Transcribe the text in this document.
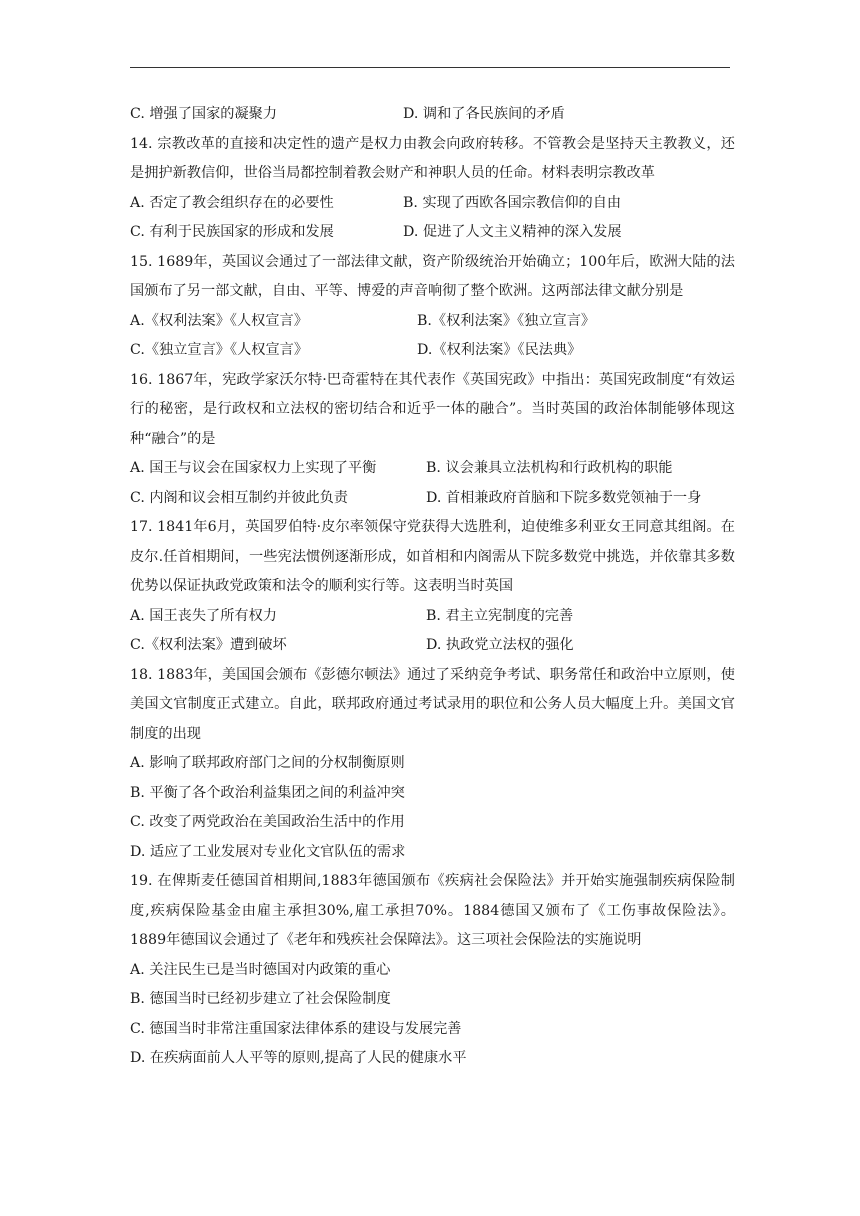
C. 增强了国家的凝聚力	D. 调和了各民族间的矛盾
14. 宗教改革的直接和决定性的遗产是权力由教会向政府转移。不管教会是坚持天主教教义，还是拥护新教信仰，世俗当局都控制着教会财产和神职人员的任命。材料表明宗教改革
A. 否定了教会组织存在的必要性	B. 实现了西欧各国宗教信仰的自由
C. 有利于民族国家的形成和发展	D. 促进了人文主义精神的深入发展
15. 1689年，英国议会通过了一部法律文献，资产阶级统治开始确立；100年后，欧洲大陆的法国颁布了另一部文献，自由、平等、博爱的声音响彻了整个欧洲。这两部法律文献分别是
A.《权利法案》《人权宣言》	B.《权利法案》《独立宣言》
C.《独立宣言》《人权宣言》	D.《权利法案》《民法典》
16. 1867年，宪政学家沃尔特·巴奇霍特在其代表作《英国宪政》中指出：英国宪政制度“有效运行的秘密，是行政权和立法权的密切结合和近乎一体的融合”。当时英国的政治体制能够体现这种“融合”的是
A. 国王与议会在国家权力上实现了平衡	B. 议会兼具立法机构和行政机构的职能
C. 内阁和议会相互制约并彼此负责	D. 首相兼政府首脑和下院多数党领袖于一身
17. 1841年6月，英国罗伯特·皮尔率领保守党获得大选胜利，迫使维多利亚女王同意其组阁。在皮尔.任首相期间，一些宪法惯例逐渐形成，如首相和内阁需从下院多数党中挑选，并依靠其多数优势以保证执政党政策和法令的顺利实行等。这表明当时英国
A. 国王丧失了所有权力	B. 君主立宪制度的完善
C.《权利法案》遭到破坏	D. 执政党立法权的强化
18. 1883年，美国国会颁布《彭德尔顿法》通过了采纳竞争考试、职务常任和政治中立原则，使美国文官制度正式建立。自此，联邦政府通过考试录用的职位和公务人员大幅度上升。美国文官制度的出现
A. 影响了联邦政府部门之间的分权制衡原则
B. 平衡了各个政治利益集团之间的利益冲突
C. 改变了两党政治在美国政治生活中的作用
D. 适应了工业发展对专业化文官队伍的需求
19. 在俾斯麦任德国首相期间,1883年德国颁布《疾病社会保险法》并开始实施强制疾病保险制度,疾病保险基金由雇主承担30%,雇工承担70%。1884德国又颁布了《工伤事故保险法》。1889年德国议会通过了《老年和残疾社会保障法》。这三项社会保险法的实施说明
A. 关注民生已是当时德国对内政策的重心
B. 德国当时已经初步建立了社会保险制度
C. 德国当时非常注重国家法律体系的建设与发展完善
D. 在疾病面前人人平等的原则,提高了人民的健康水平
